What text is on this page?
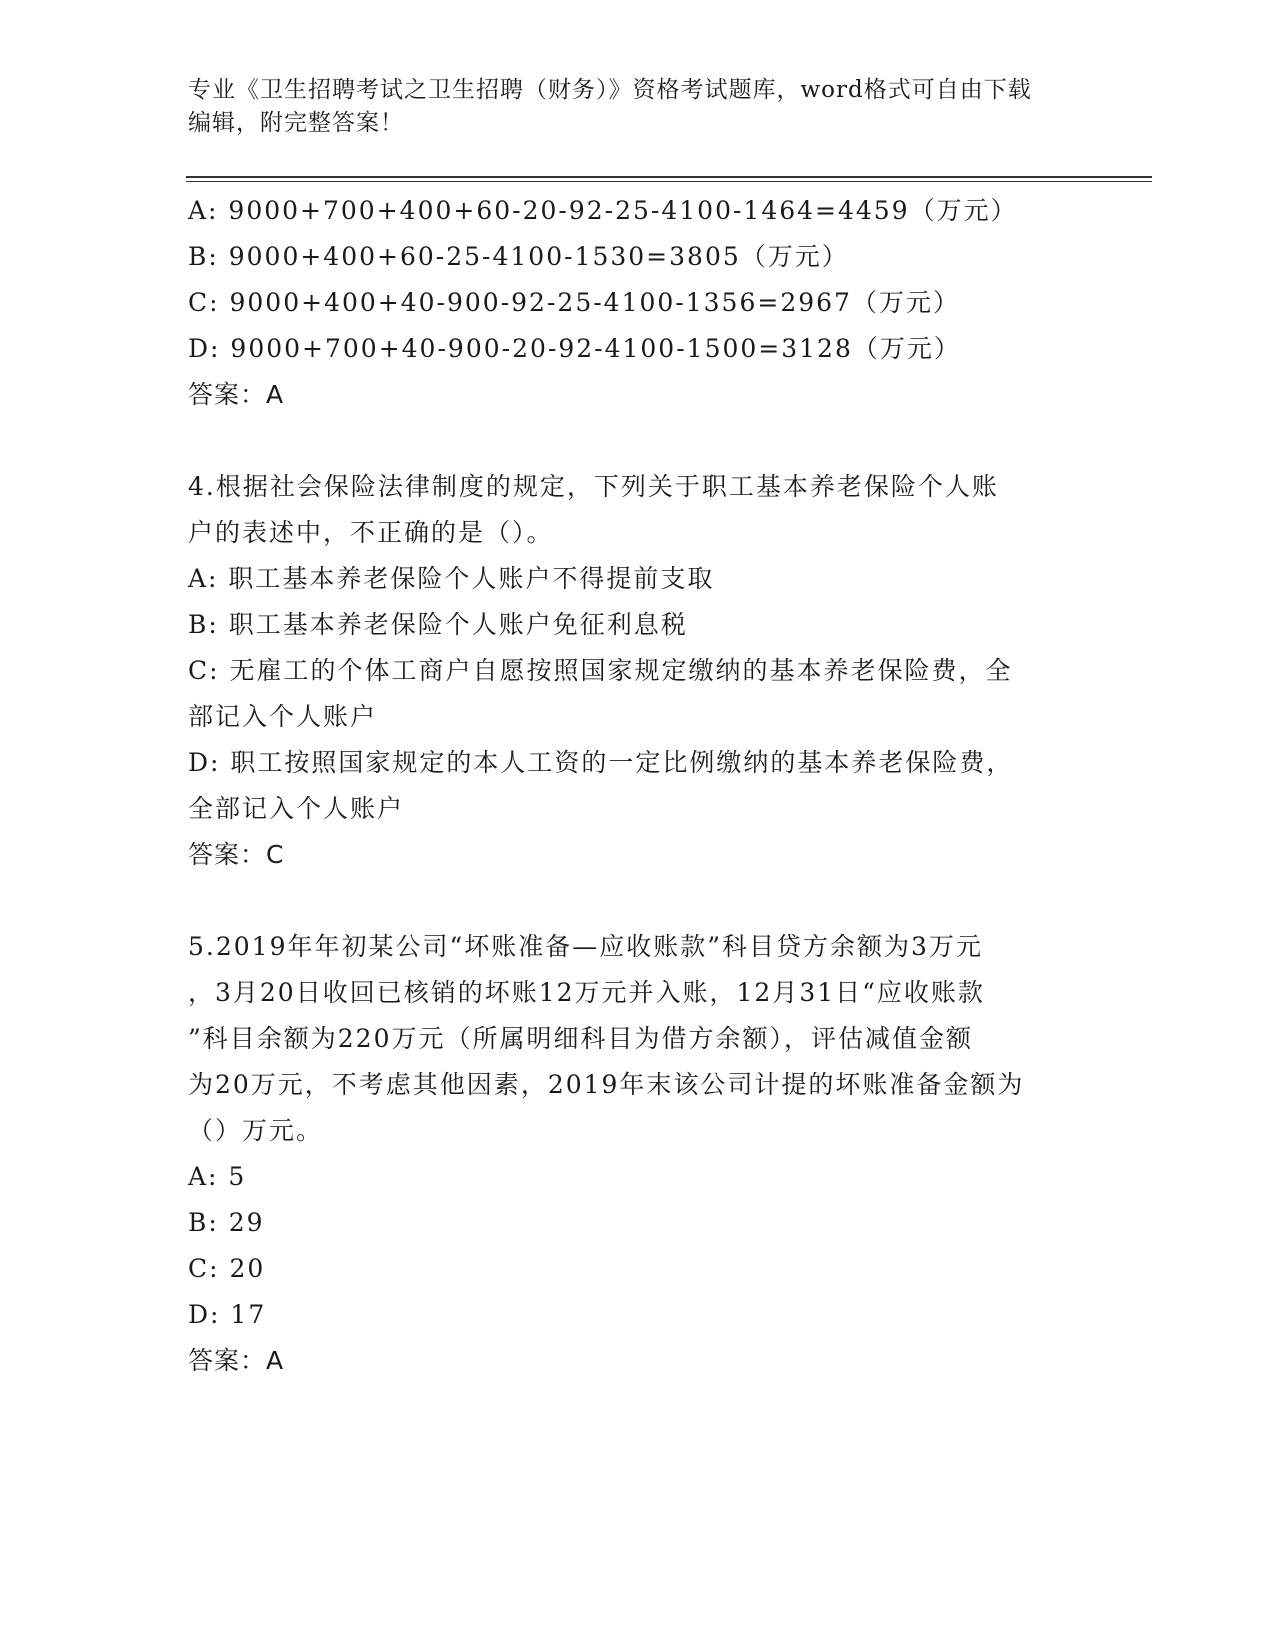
专业《卫生招聘考试之卫生招聘（财务）》资格考试题库，word格式可自由下载
编辑，附完整答案！
A: 9000+700+400+60-20-92-25-4100-1464=4459（万元）
B: 9000+400+60-25-4100-1530=3805（万元）
C: 9000+400+40-900-92-25-4100-1356=2967（万元）
D: 9000+700+40-900-20-92-4100-1500=3128（万元）
答案：A
4.根据社会保险法律制度的规定，下列关于职工基本养老保险个人账
户的表述中，不正确的是（）。
A: 职工基本养老保险个人账户不得提前支取
B: 职工基本养老保险个人账户免征利息税
C: 无雇工的个体工商户自愿按照国家规定缴纳的基本养老保险费，全
部记入个人账户
D: 职工按照国家规定的本人工资的一定比例缴纳的基本养老保险费，
全部记入个人账户
答案：C
5.2019年年初某公司“坏账准备—应收账款”科目贷方余额为3万元
，3月20日收回已核销的坏账12万元并入账，12月31日“应收账款
”科目余额为220万元（所属明细科目为借方余额），评估减值金额
为20万元，不考虑其他因素，2019年末该公司计提的坏账准备金额为
（）万元。
A: 5
B: 29
C: 20
D: 17
答案：A
